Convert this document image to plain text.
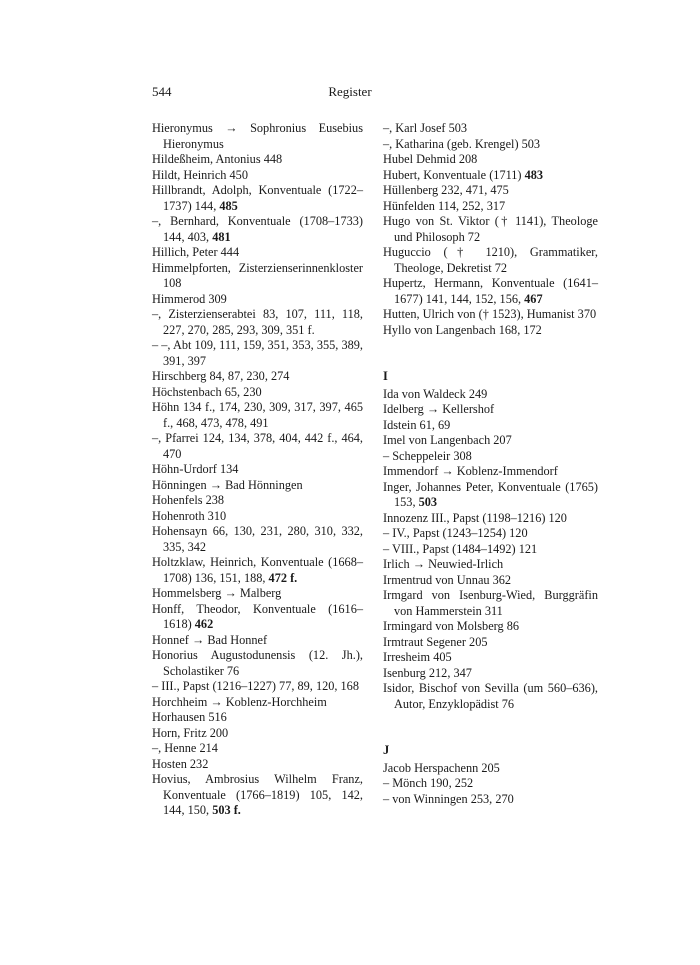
544	Register

Hieronymus → Sophronius Eusebius Hieronymus

Hildeßheim, Antonius 448

Hildt, Heinrich 450

Hillbrandt, Adolph, Konventuale (1722–1737) 144, 485

–, Bernhard, Konventuale (1708–1733) 144, 403, 481

Hillich, Peter 444

Himmelpforten, Zisterzienserinnenkloster 108

Himmerod 309

–, Zisterzienserabtei 83, 107, 111, 118, 227, 270, 285, 293, 309, 351 f.

– –, Abt 109, 111, 159, 351, 353, 355, 389, 391, 397

Hirschberg 84, 87, 230, 274

Höchstenbach 65, 230

Höhn 134 f., 174, 230, 309, 317, 397, 465 f., 468, 473, 478, 491

–, Pfarrei 124, 134, 378, 404, 442 f., 464, 470

Höhn-Urdorf 134

Hönningen → Bad Hönningen

Hohenfels 238

Hohenroth 310

Hohensayn 66, 130, 231, 280, 310, 332, 335, 342

Holtzklaw, Heinrich, Konventuale (1668–1708) 136, 151, 188, 472 f.

Hommelsberg → Malberg

Honff, Theodor, Konventuale (1616–1618) 462

Honnef → Bad Honnef

Honorius Augustodunensis (12. Jh.), Scholastiker 76

– III., Papst (1216–1227) 77, 89, 120, 168

Horchheim → Koblenz-Horchheim

Horhausen 516

Horn, Fritz 200

–, Henne 214

Hosten 232

Hovius, Ambrosius Wilhelm Franz, Konventuale (1766–1819) 105, 142, 144, 150, 503 f.

–, Karl Josef 503

–, Katharina (geb. Krengel) 503

Hubel Dehmid 208

Hubert, Konventuale (1711) 483

Hüllenberg 232, 471, 475

Hünfelden 114, 252, 317

Hugo von St. Viktor († 1141), Theologe und Philosoph 72

Huguccio († 1210), Grammatiker, Theologe, Dekretist 72

Hupertz, Hermann, Konventuale (1641–1677) 141, 144, 152, 156, 467

Hutten, Ulrich von († 1523), Humanist 370

Hyllo von Langenbach 168, 172

I

Ida von Waldeck 249

Idelberg → Kellershof

Idstein 61, 69

Imel von Langenbach 207

– Scheppeleir 308

Immendorf → Koblenz-Immendorf

Inger, Johannes Peter, Konventuale (1765) 153, 503

Innozenz III., Papst (1198–1216) 120

– IV., Papst (1243–1254) 120

– VIII., Papst (1484–1492) 121

Irlich → Neuwied-Irlich

Irmentrud von Unnau 362

Irmgard von Isenburg-Wied, Burggräfin von Hammerstein 311

Irmingard von Molsberg 86

Irmtraut Segener 205

Irresheim 405

Isenburg 212, 347

Isidor, Bischof von Sevilla (um 560–636), Autor, Enzyklopädist 76

J

Jacob Herspachenn 205

– Mönch 190, 252

– von Winningen 253, 270
